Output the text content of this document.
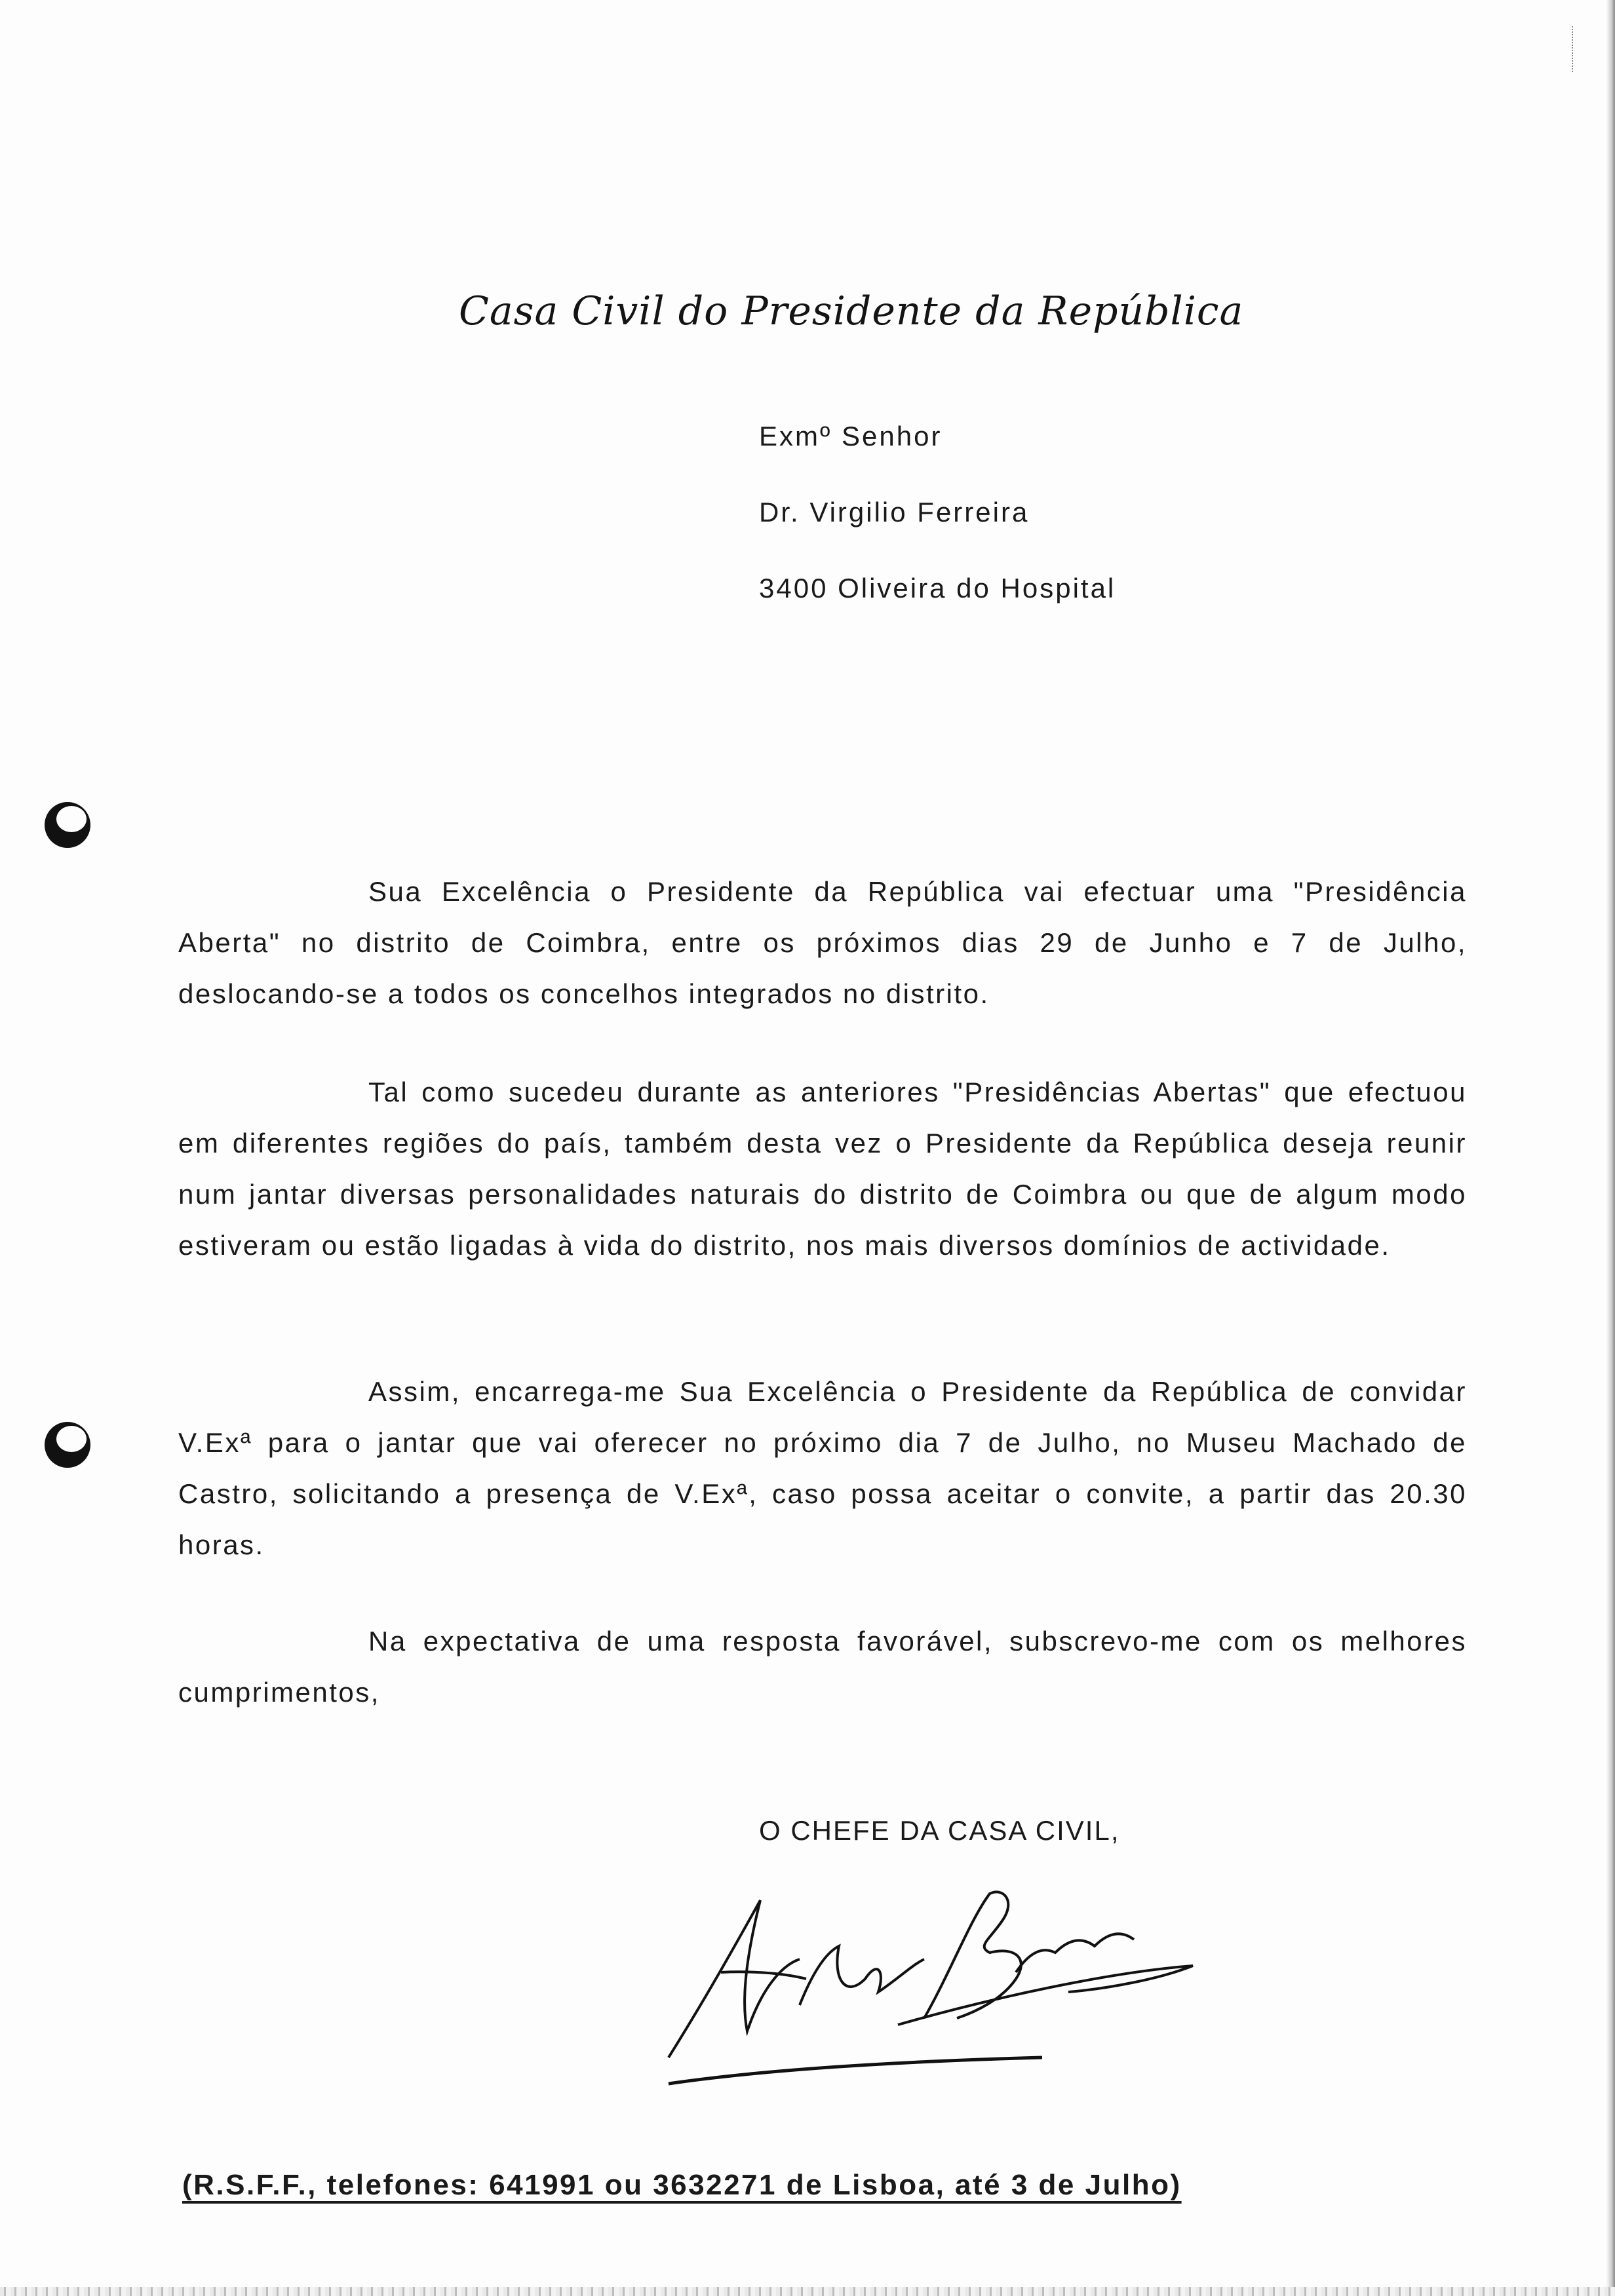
Casa Civil do Presidente da República
Exmº Senhor
Dr. Virgilio Ferreira
3400 Oliveira do Hospital

Sua Excelência o Presidente da República vai efectuar uma "Presidência Aberta" no distrito de Coimbra, entre os próximos dias 29 de Junho e 7 de Julho, deslocando-se a todos os concelhos integrados no distrito.

Tal como sucedeu durante as anteriores "Presidências Abertas" que efectuou em diferentes regiões do país, também desta vez o Presidente da República deseja reunir num jantar diversas personalidades naturais do distrito de Coimbra ou que de algum modo estiveram ou estão ligadas à vida do distrito, nos mais diversos domínios de actividade.

Assim, encarrega-me Sua Excelência o Presidente da República de convidar V.Exª para o jantar que vai oferecer no próximo dia 7 de Julho, no Museu Machado de Castro, solicitando a presença de V.Exª, caso possa aceitar o convite, a partir das 20.30 horas.

Na expectativa de uma resposta favorável, subscrevo-me com os melhores cumprimentos,

O CHEFE DA CASA CIVIL,
(R.S.F.F., telefones: 641991 ou 3632271 de Lisboa, até 3 de Julho)
